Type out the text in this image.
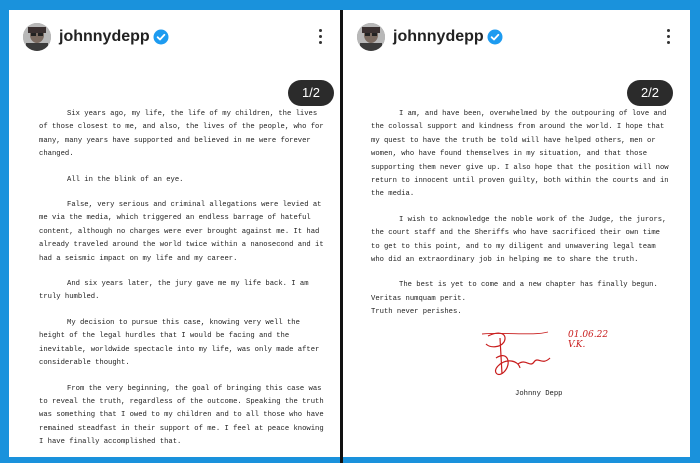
johnnydepp
1/2

Six years ago, my life, the life of my children, the lives of those closest to me, and also, the lives of the people, who for many, many years have supported and believed in me were forever changed.

All in the blink of an eye.

False, very serious and criminal allegations were levied at me via the media, which triggered an endless barrage of hateful content, although no charges were ever brought against me. It had already traveled around the world twice within a nanosecond and it had a seismic impact on my life and my career.

And six years later, the jury gave me my life back. I am truly humbled.

My decision to pursue this case, knowing very well the height of the legal hurdles that I would be facing and the inevitable, worldwide spectacle into my life, was only made after considerable thought.

From the very beginning, the goal of bringing this case was to reveal the truth, regardless of the outcome. Speaking the truth was something that I owed to my children and to all those who have remained steadfast in their support of me. I feel at peace knowing I have finally accomplished that.

johnnydepp
2/2

I am, and have been, overwhelmed by the outpouring of love and the colossal support and kindness from around the world. I hope that my quest to have the truth be told will have helped others, men or women, who have found themselves in my situation, and that those supporting them never give up. I also hope that the position will now return to innocent until proven guilty, both within the courts and in the media.

I wish to acknowledge the noble work of the Judge, the jurors, the court staff and the Sheriffs who have sacrificed their own time to get to this point, and to my diligent and unwavering legal team who did an extraordinary job in helping me to share the truth.

The best is yet to come and a new chapter has finally begun.

Veritas numquam perit.

Truth never perishes.

01.06.22  V.K.
Johnny Depp
